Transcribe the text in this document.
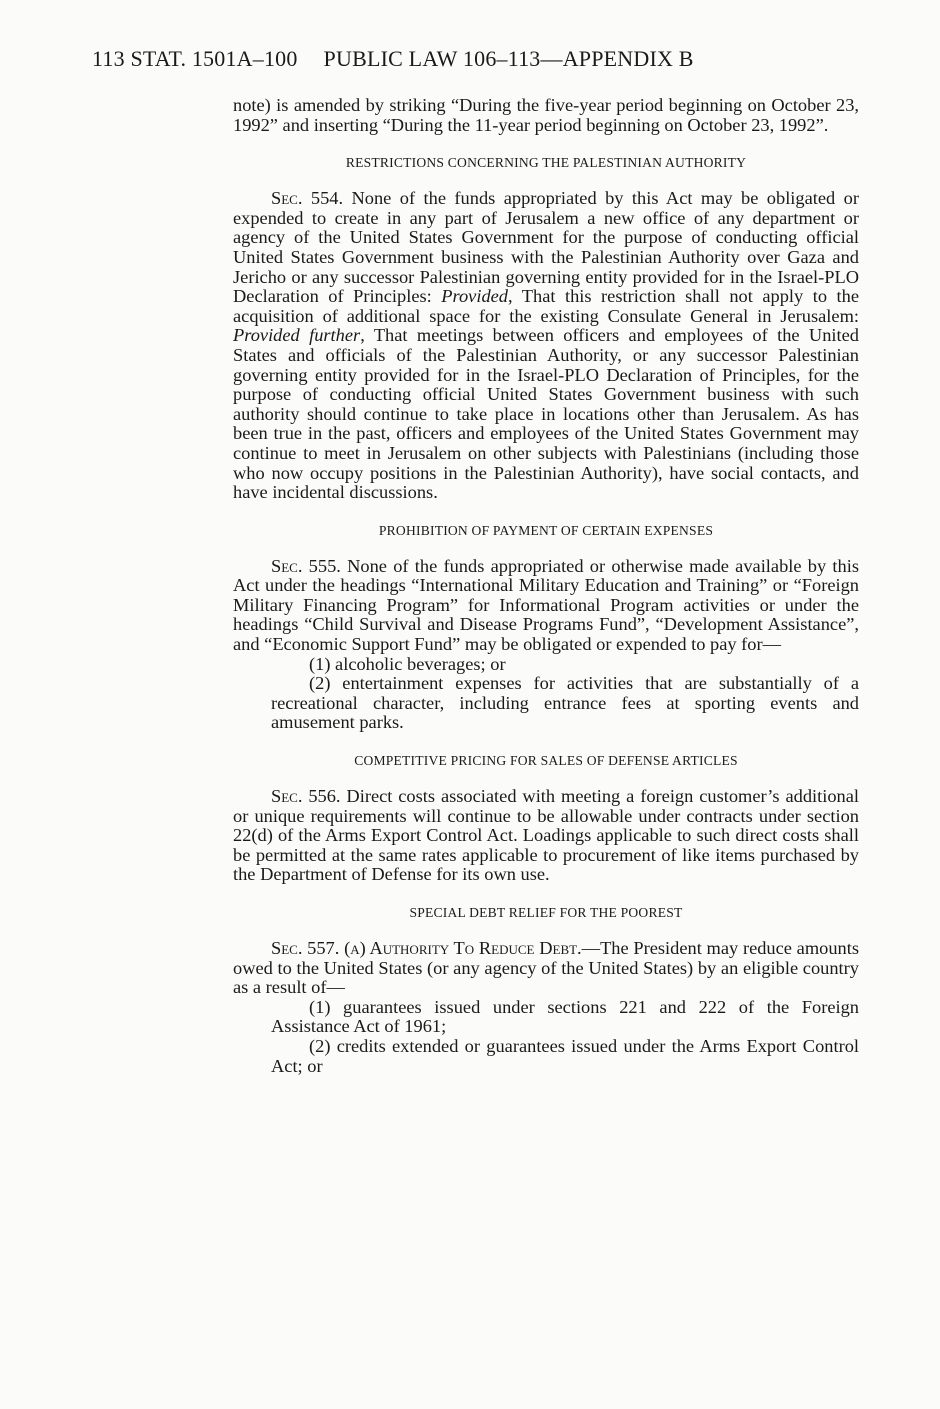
113 STAT. 1501A–100 PUBLIC LAW 106–113—APPENDIX B

note) is amended by striking “During the five-year period beginning on October 23, 1992” and inserting “During the 11-year period beginning on October 23, 1992”.

RESTRICTIONS CONCERNING THE PALESTINIAN AUTHORITY

Sec. 554. None of the funds appropriated by this Act may be obligated or expended to create in any part of Jerusalem a new office of any department or agency of the United States Government for the purpose of conducting official United States Government business with the Palestinian Authority over Gaza and Jericho or any successor Palestinian governing entity provided for in the Israel-PLO Declaration of Principles: Provided, That this restriction shall not apply to the acquisition of additional space for the existing Consulate General in Jerusalem: Provided further, That meetings between officers and employees of the United States and officials of the Palestinian Authority, or any successor Palestinian governing entity provided for in the Israel-PLO Declaration of Principles, for the purpose of conducting official United States Government business with such authority should continue to take place in locations other than Jerusalem. As has been true in the past, officers and employees of the United States Government may continue to meet in Jerusalem on other subjects with Palestinians (including those who now occupy positions in the Palestinian Authority), have social contacts, and have incidental discussions.

PROHIBITION OF PAYMENT OF CERTAIN EXPENSES

Sec. 555. None of the funds appropriated or otherwise made available by this Act under the headings “International Military Education and Training” or “Foreign Military Financing Program” for Informational Program activities or under the headings “Child Survival and Disease Programs Fund”, “Development Assistance”, and “Economic Support Fund” may be obligated or expended to pay for—

(1) alcoholic beverages; or

(2) entertainment expenses for activities that are substantially of a recreational character, including entrance fees at sporting events and amusement parks.

COMPETITIVE PRICING FOR SALES OF DEFENSE ARTICLES

Sec. 556. Direct costs associated with meeting a foreign customer’s additional or unique requirements will continue to be allowable under contracts under section 22(d) of the Arms Export Control Act. Loadings applicable to such direct costs shall be permitted at the same rates applicable to procurement of like items purchased by the Department of Defense for its own use.

SPECIAL DEBT RELIEF FOR THE POOREST

Sec. 557. (a) Authority To Reduce Debt.—The President may reduce amounts owed to the United States (or any agency of the United States) by an eligible country as a result of—

(1) guarantees issued under sections 221 and 222 of the Foreign Assistance Act of 1961;

(2) credits extended or guarantees issued under the Arms Export Control Act; or
